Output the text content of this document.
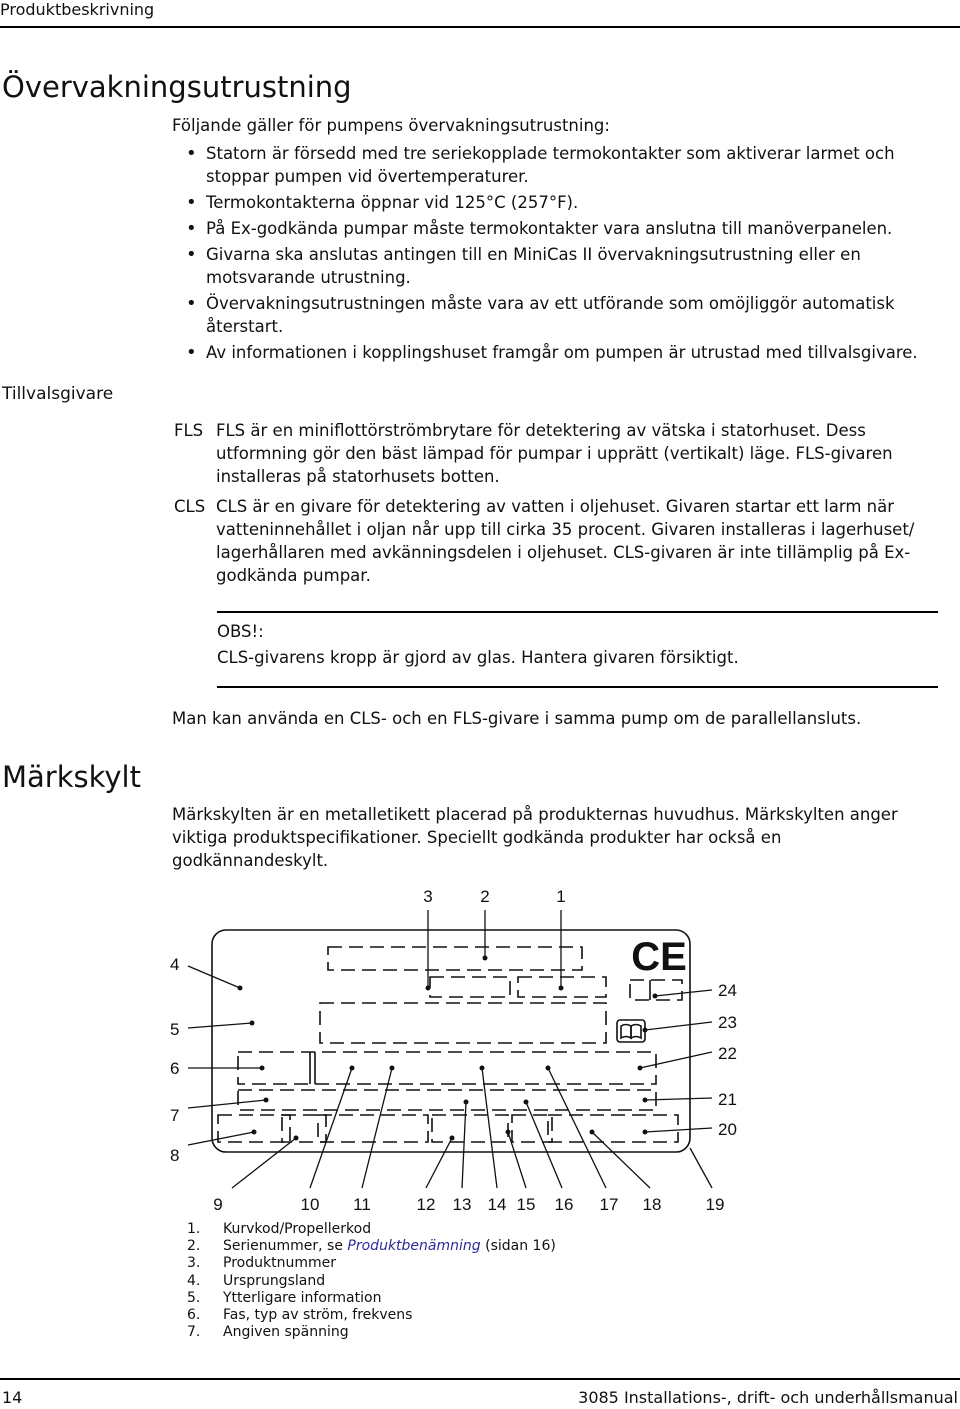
Produktbeskrivning
Övervakningsutrustning
Följande gäller för pumpens övervakningsutrustning:
• Statorn är försedd med tre seriekopplade termokontakter som aktiverar larmet och stoppar pumpen vid övertemperaturer.
• Termokontakterna öppnar vid 125°C (257°F).
• På Ex-godkända pumpar måste termokontakter vara anslutna till manöverpanelen.
• Givarna ska anslutas antingen till en MiniCas II övervakningsutrustning eller en motsvarande utrustning.
• Övervakningsutrustningen måste vara av ett utförande som omöjliggör automatisk återstart.
• Av informationen i kopplingshuset framgår om pumpen är utrustad med tillvalsgivare.
Tillvalsgivare
FLS FLS är en miniflottörströmbrytare för detektering av vätska i statorhuset. Dess utformning gör den bäst lämpad för pumpar i upprätt (vertikalt) läge. FLS-givaren installeras på statorhusets botten.
CLS CLS är en givare för detektering av vatten i oljehuset. Givaren startar ett larm när vatteninnehållet i oljan når upp till cirka 35 procent. Givaren installeras i lagerhuset/ lagerhållaren med avkänningsdelen i oljehuset. CLS-givaren är inte tillämplig på Ex-godkända pumpar.
OBS!:
CLS-givarens kropp är gjord av glas. Hantera givaren försiktigt.
Man kan använda en CLS- och en FLS-givare i samma pump om de parallellansluts.
Märkskylt
Märkskylten är en metalletikett placerad på produkternas huvudhus. Märkskylten anger viktiga produktspecifikationer. Speciellt godkända produkter har också en godkännandeskylt.
CE
3	2	1
4
5
6
7
8
24
23
22
21
20
9	10 11	12 13 14 15 16 17 18	19
1.	Kurvkod/Propellerkod
2.	Serienummer, se Produktbenämning (sidan 16)
3.	Produktnummer
4.	Ursprungsland
5.	Ytterligare information
6.	Fas, typ av ström, frekvens
7.	Angiven spänning
14	3085 Installations-, drift- och underhållsmanual
